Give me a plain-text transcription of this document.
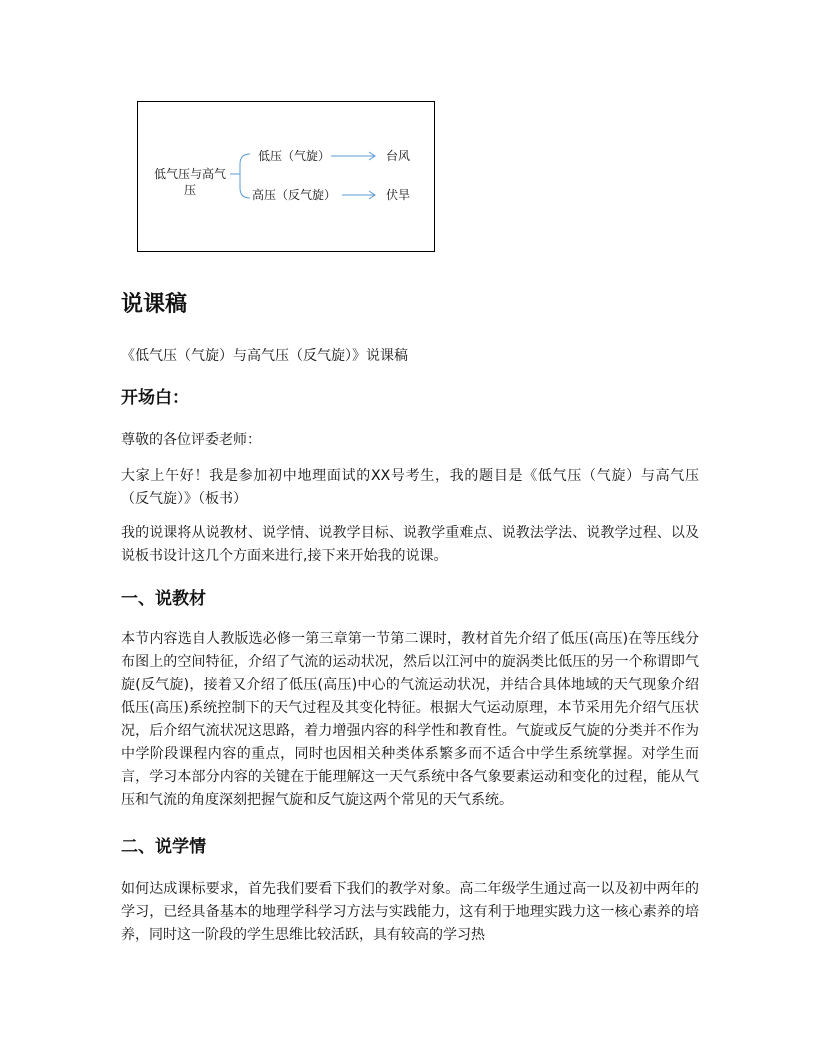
低气压与高气压
低压（气旋）
高压（反气旋）
台风
伏旱
说课稿

《低气压（气旋）与高气压（反气旋）》说课稿

开场白：

尊敬的各位评委老师：

大家上午好！我是参加初中地理面试的XX号考生，我的题目是《低气压（气旋）与高气压（反气旋）》（板书）

我的说课将从说教材、说学情、说教学目标、说教学重难点、说教法学法、说教学过程、以及说板书设计这几个方面来进行,接下来开始我的说课。

一、说教材

本节内容选自人教版选必修一第三章第一节第二课时，教材首先介绍了低压(高压)在等压线分布图上的空间特征，介绍了气流的运动状况，然后以江河中的旋涡类比低压的另一个称谓即气旋(反气旋)，接着又介绍了低压(高压)中心的气流运动状况，并结合具体地域的天气现象介绍低压(高压)系统控制下的天气过程及其变化特征。根据大气运动原理，本节采用先介绍气压状况，后介绍气流状况这思路，着力增强内容的科学性和教育性。气旋或反气旋的分类并不作为中学阶段课程内容的重点，同时也因相关种类体系繁多而不适合中学生系统掌握。对学生而言，学习本部分内容的关键在于能理解这一天气系统中各气象要素运动和变化的过程，能从气压和气流的角度深刻把握气旋和反气旋这两个常见的天气系统。

二、说学情

如何达成课标要求，首先我们要看下我们的教学对象。高二年级学生通过高一以及初中两年的学习，已经具备基本的地理学科学习方法与实践能力，这有利于地理实践力这一核心素养的培养，同时这一阶段的学生思维比较活跃，具有较高的学习热
